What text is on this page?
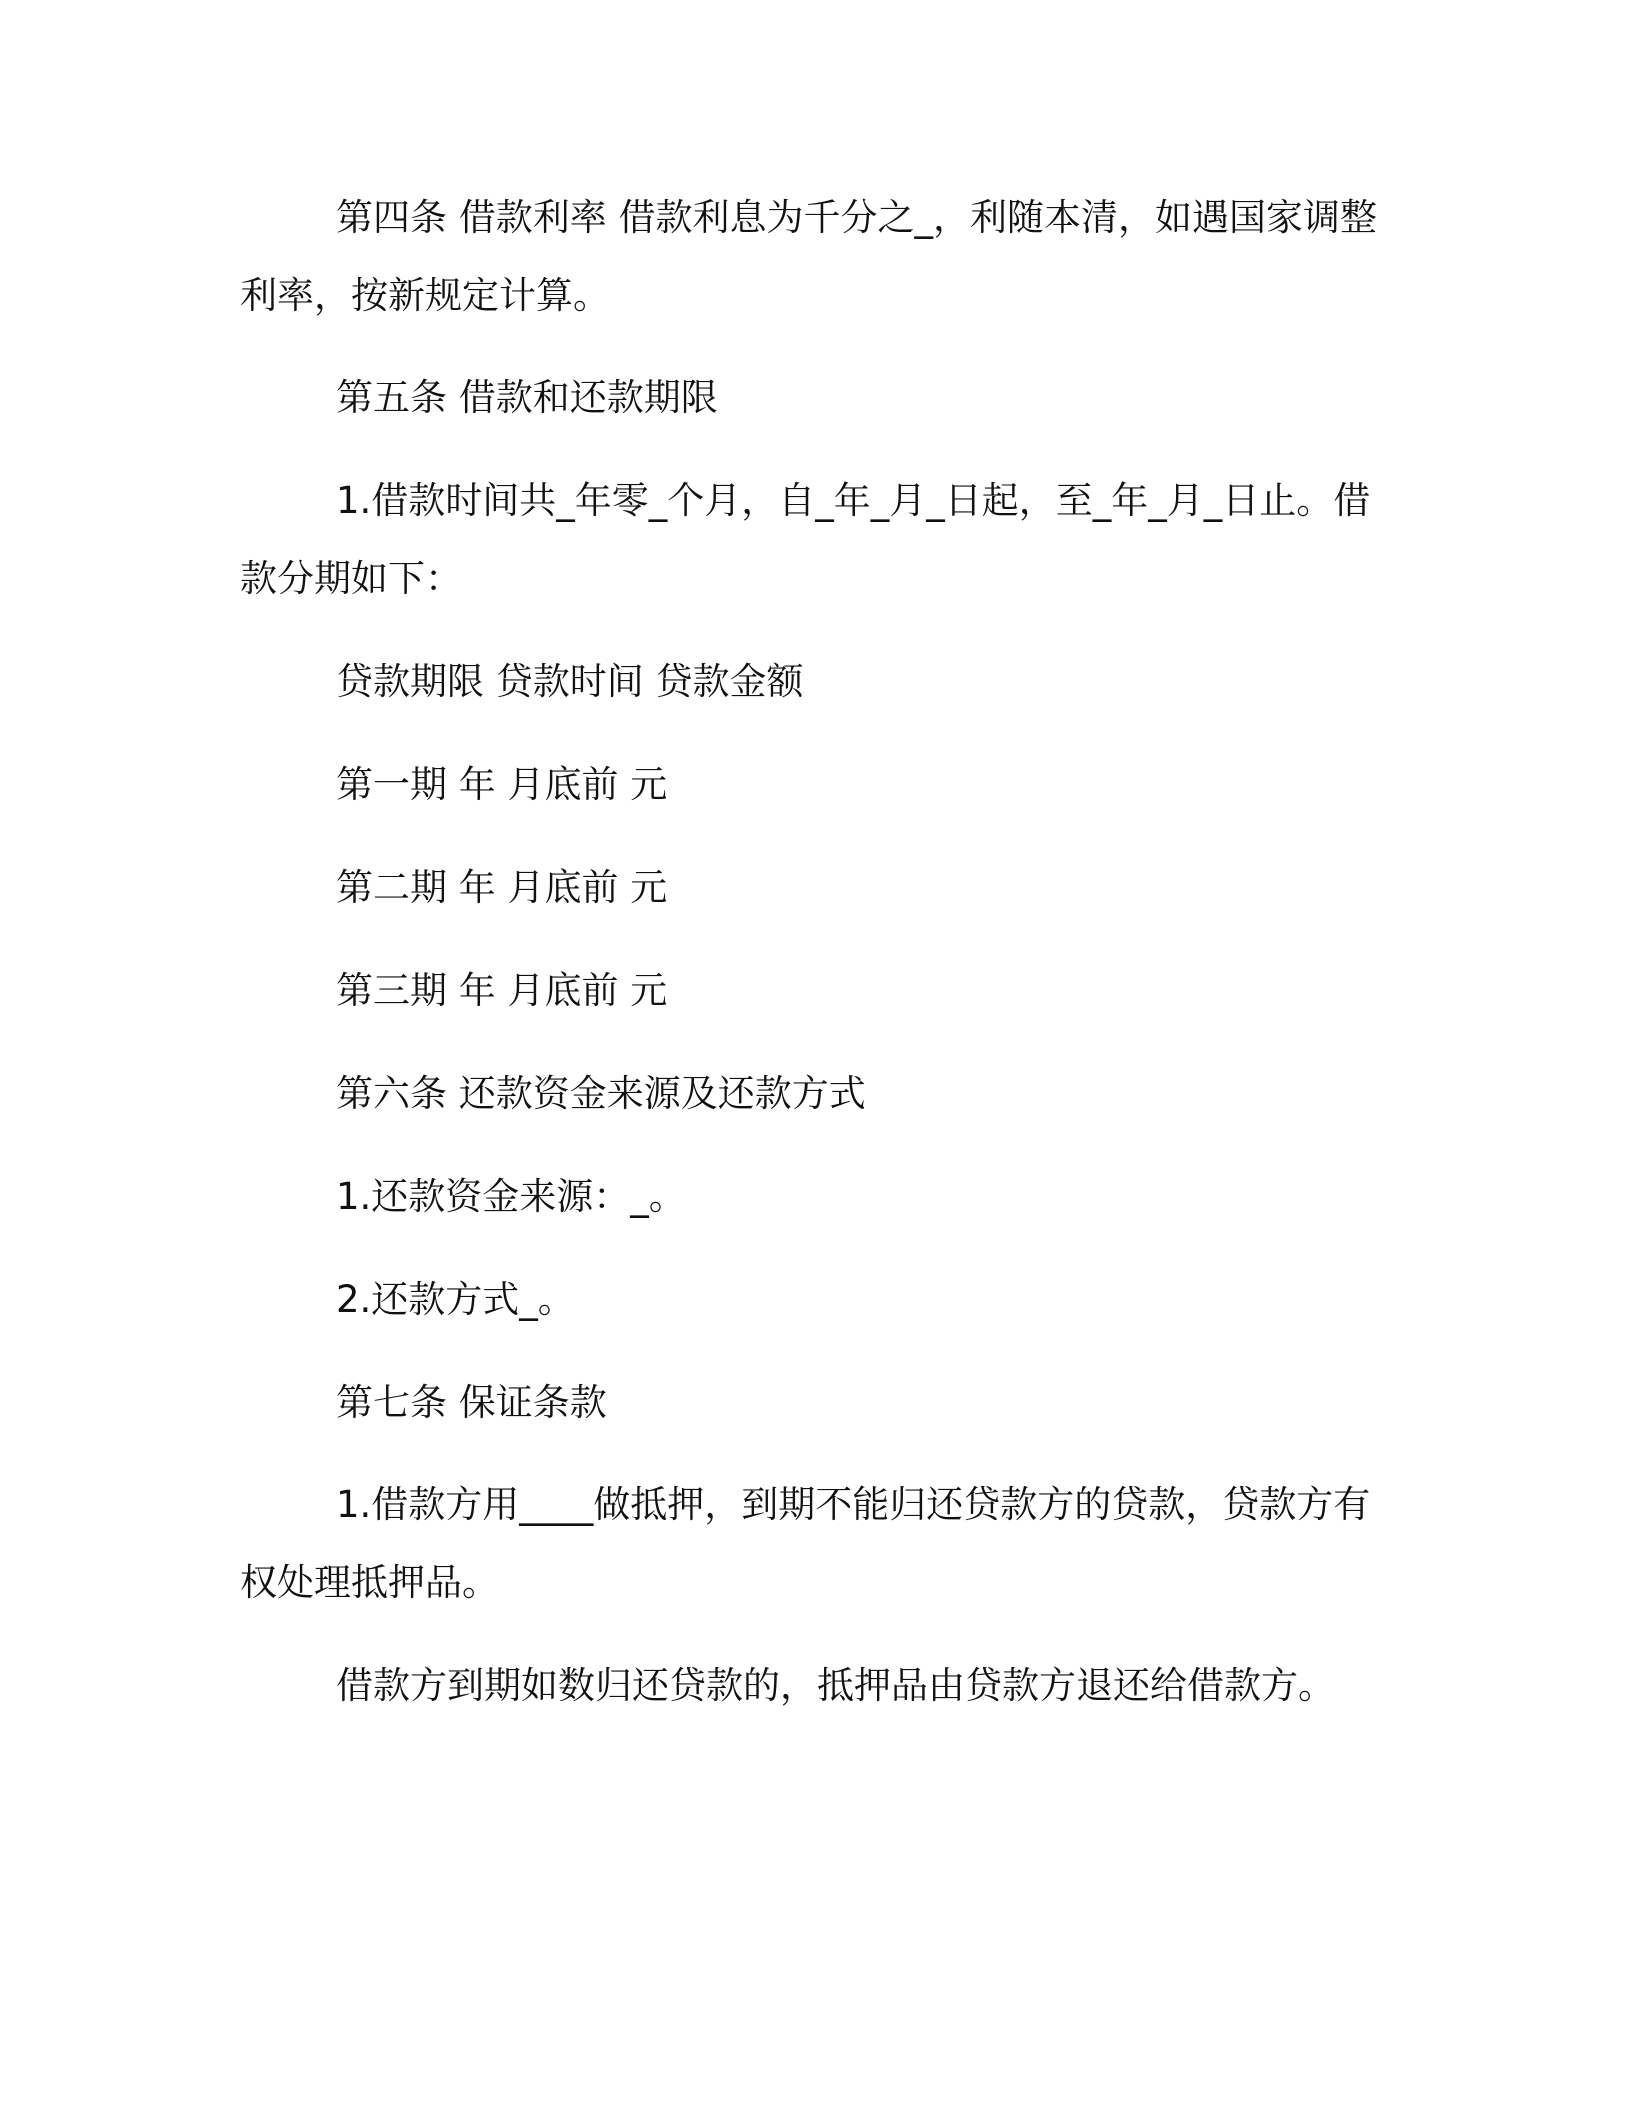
第四条 借款利率 借款利息为千分之_，利随本清，如遇国家调整利率，按新规定计算。

第五条 借款和还款期限

1.借款时间共_年零_个月，自_年_月_日起，至_年_月_日止。借款分期如下：

贷款期限 贷款时间 贷款金额

第一期 年 月底前 元

第二期 年 月底前 元

第三期 年 月底前 元

第六条 还款资金来源及还款方式

1.还款资金来源：_。

2.还款方式_。

第七条 保证条款

1.借款方用____做抵押，到期不能归还贷款方的贷款，贷款方有权处理抵押品。

借款方到期如数归还贷款的，抵押品由贷款方退还给借款方。
